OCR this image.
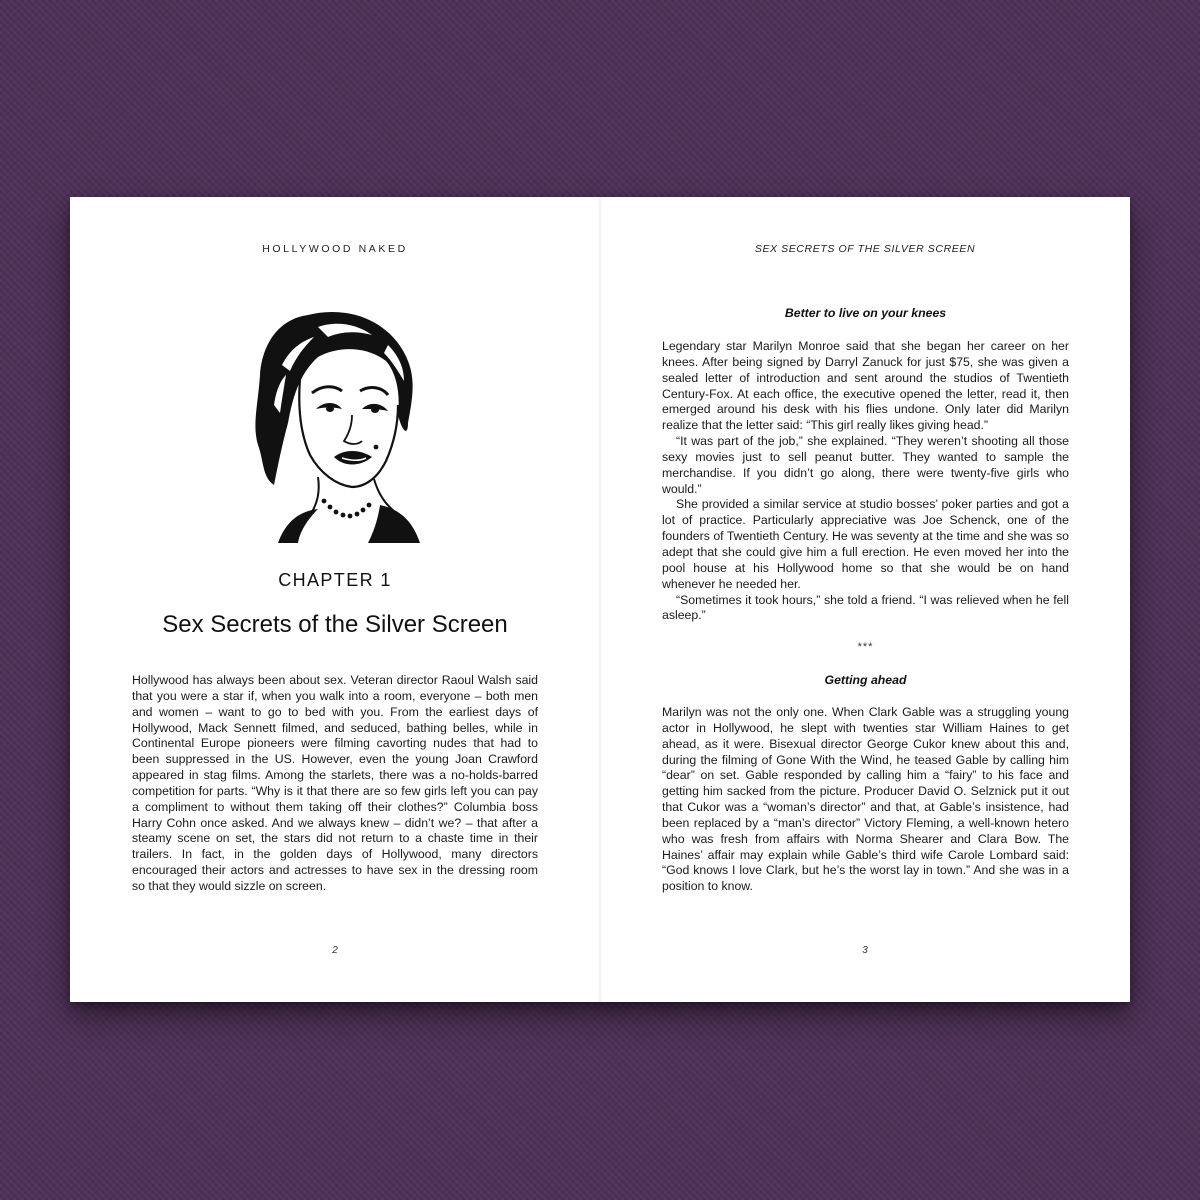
HOLLYWOOD NAKED
CHAPTER 1
Sex Secrets of the Silver Screen

Hollywood has always been about sex. Veteran director Raoul Walsh said that you were a star if, when you walk into a room, everyone – both men and women – want to go to bed with you. From the earliest days of Hollywood, Mack Sennett filmed, and seduced, bathing belles, while in Continental Europe pioneers were filming cavorting nudes that had to been suppressed in the US. However, even the young Joan Crawford appeared in stag films. Among the starlets, there was a no-holds-barred competition for parts. “Why is it that there are so few girls left you can pay a compliment to without them taking off their clothes?” Columbia boss Harry Cohn once asked. And we always knew – didn’t we? – that after a steamy scene on set, the stars did not return to a chaste time in their trailers. In fact, in the golden days of Hollywood, many directors encouraged their actors and actresses to have sex in the dressing room so that they would sizzle on screen.

2
SEX SECRETS OF THE SILVER SCREEN
Better to live on your knees

Legendary star Marilyn Monroe said that she began her career on her knees. After being signed by Darryl Zanuck for just $75, she was given a sealed letter of introduction and sent around the studios of Twentieth Century-Fox. At each office, the executive opened the letter, read it, then emerged around his desk with his flies undone. Only later did Marilyn realize that the letter said: “This girl really likes giving head.”

“It was part of the job,” she explained. “They weren’t shooting all those sexy movies just to sell peanut butter. They wanted to sample the merchandise. If you didn’t go along, there were twenty-five girls who would.”

She provided a similar service at studio bosses’ poker parties and got a lot of practice. Particularly appreciative was Joe Schenck, one of the founders of Twentieth Century. He was seventy at the time and she was so adept that she could give him a full erection. He even moved her into the pool house at his Hollywood home so that she would be on hand whenever he needed her.

“Sometimes it took hours,” she told a friend. “I was relieved when he fell asleep.”

***
Getting ahead

Marilyn was not the only one. When Clark Gable was a struggling young actor in Hollywood, he slept with twenties star William Haines to get ahead, as it were. Bisexual director George Cukor knew about this and, during the filming of Gone With the Wind, he teased Gable by calling him “dear” on set. Gable responded by calling him a “fairy” to his face and getting him sacked from the picture. Producer David O. Selznick put it out that Cukor was a “woman’s director” and that, at Gable’s insistence, had been replaced by a “man’s director” Victory Fleming, a well-known hetero who was fresh from affairs with Norma Shearer and Clara Bow. The Haines’ affair may explain while Gable’s third wife Carole Lombard said: “God knows I love Clark, but he’s the worst lay in town.” And she was in a position to know.

3
